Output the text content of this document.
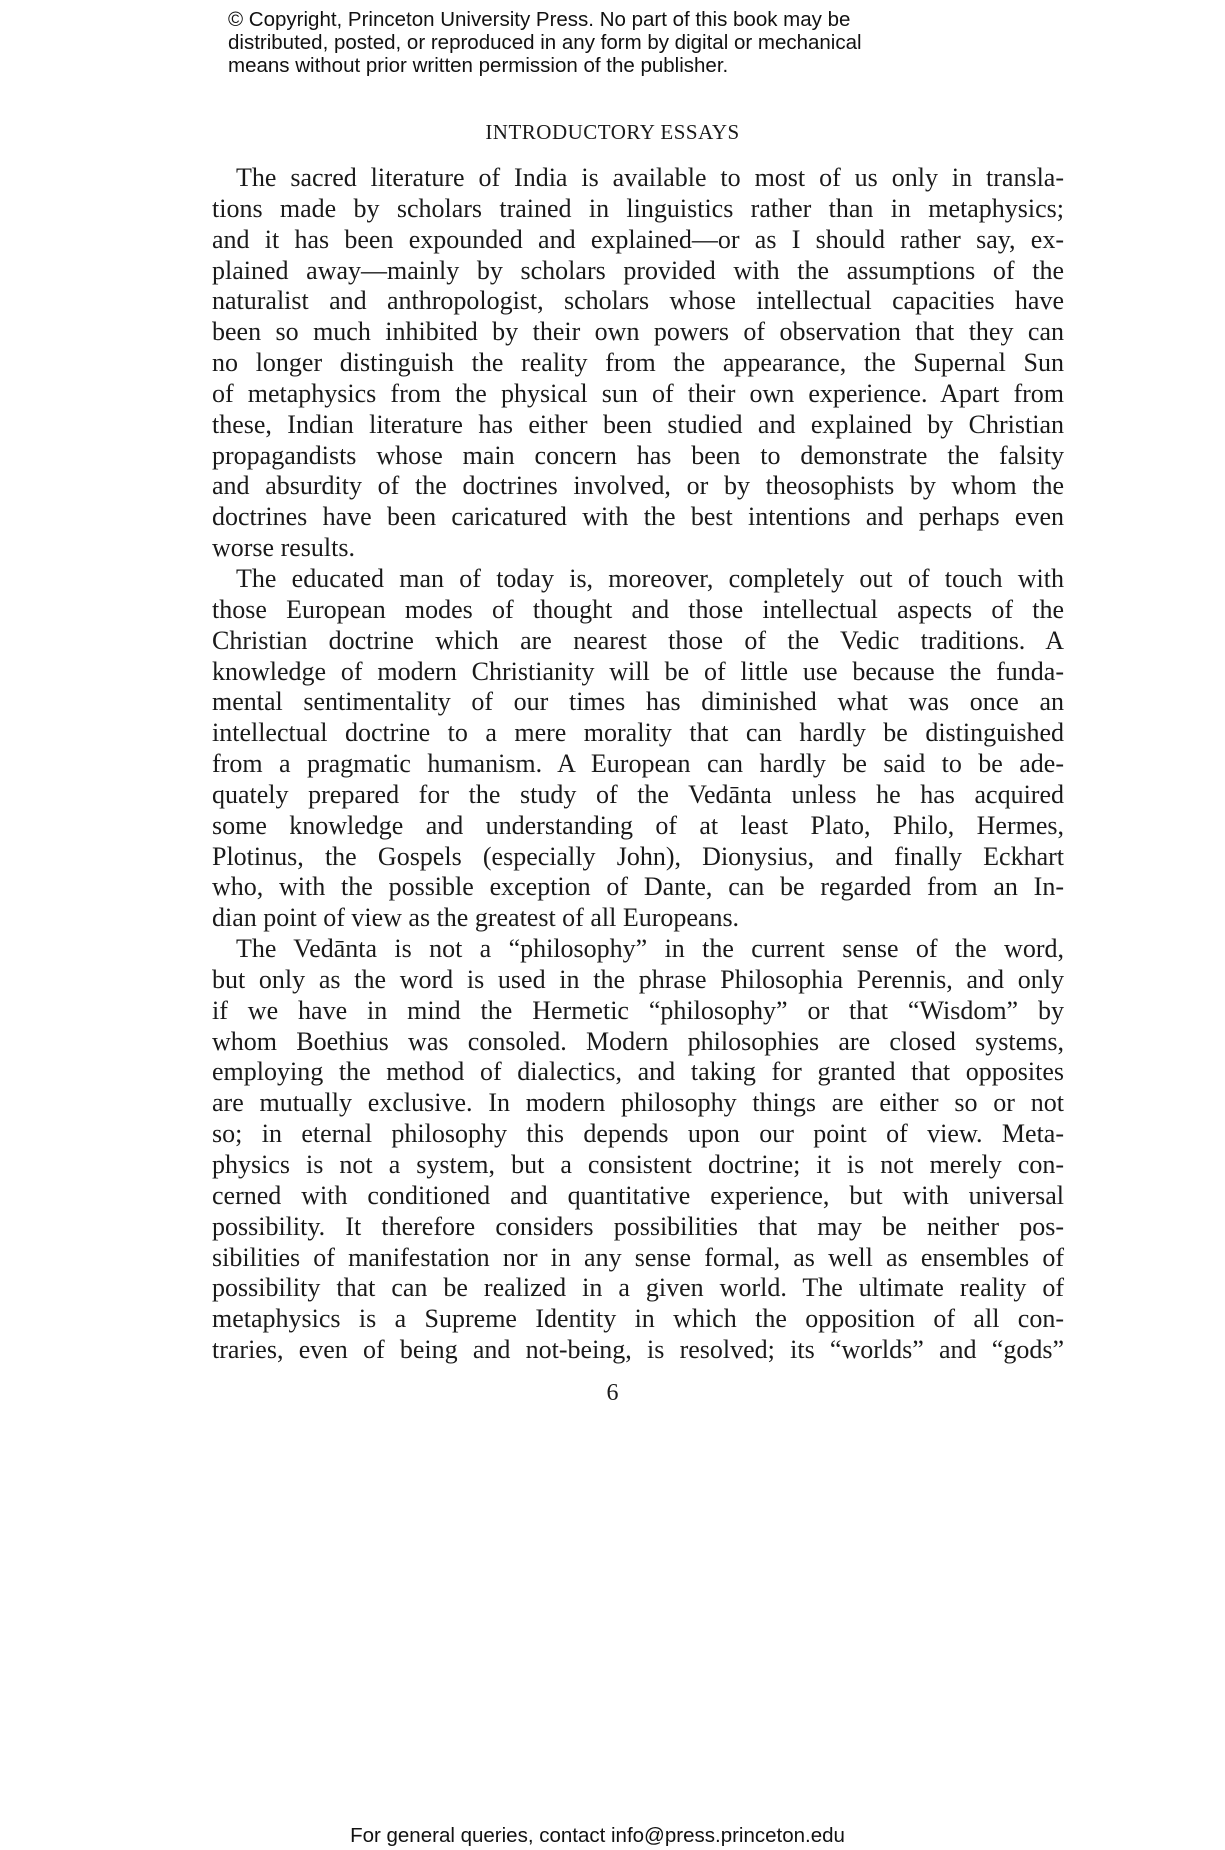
© Copyright, Princeton University Press. No part of this book may be
distributed, posted, or reproduced in any form by digital or mechanical
means without prior written permission of the publisher.
INTRODUCTORY ESSAYS
The sacred literature of India is available to most of us only in transla-
tions made by scholars trained in linguistics rather than in metaphysics;
and it has been expounded and explained—or as I should rather say, ex-
plained away—mainly by scholars provided with the assumptions of the
naturalist and anthropologist, scholars whose intellectual capacities have
been so much inhibited by their own powers of observation that they can
no longer distinguish the reality from the appearance, the Supernal Sun
of metaphysics from the physical sun of their own experience. Apart from
these, Indian literature has either been studied and explained by Christian
propagandists whose main concern has been to demonstrate the falsity
and absurdity of the doctrines involved, or by theosophists by whom the
doctrines have been caricatured with the best intentions and perhaps even
worse results.
The educated man of today is, moreover, completely out of touch with
those European modes of thought and those intellectual aspects of the
Christian doctrine which are nearest those of the Vedic traditions. A
knowledge of modern Christianity will be of little use because the funda-
mental sentimentality of our times has diminished what was once an
intellectual doctrine to a mere morality that can hardly be distinguished
from a pragmatic humanism. A European can hardly be said to be ade-
quately prepared for the study of the Vedānta unless he has acquired
some knowledge and understanding of at least Plato, Philo, Hermes,
Plotinus, the Gospels (especially John), Dionysius, and finally Eckhart
who, with the possible exception of Dante, can be regarded from an In-
dian point of view as the greatest of all Europeans.
The Vedānta is not a “philosophy” in the current sense of the word,
but only as the word is used in the phrase Philosophia Perennis, and only
if we have in mind the Hermetic “philosophy” or that “Wisdom” by
whom Boethius was consoled. Modern philosophies are closed systems,
employing the method of dialectics, and taking for granted that opposites
are mutually exclusive. In modern philosophy things are either so or not
so; in eternal philosophy this depends upon our point of view. Meta-
physics is not a system, but a consistent doctrine; it is not merely con-
cerned with conditioned and quantitative experience, but with universal
possibility. It therefore considers possibilities that may be neither pos-
sibilities of manifestation nor in any sense formal, as well as ensembles of
possibility that can be realized in a given world. The ultimate reality of
metaphysics is a Supreme Identity in which the opposition of all con-
traries, even of being and not-being, is resolved; its “worlds” and “gods”
6
For general queries, contact info@press.princeton.edu
